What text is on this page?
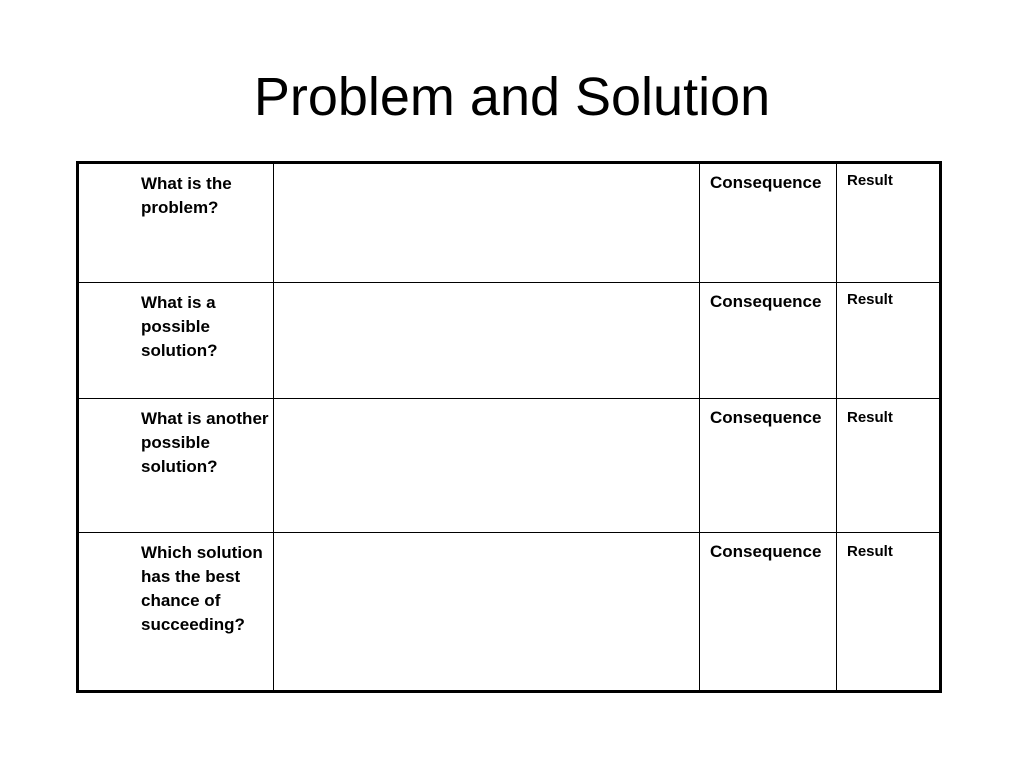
Problem and Solution
What is the problem?		Consequence	Result

What is a possible solution?		Consequence	Result

What is another possible solution?		Consequence	Result

Which solution has the best chance of succeeding?		Consequence	Result
